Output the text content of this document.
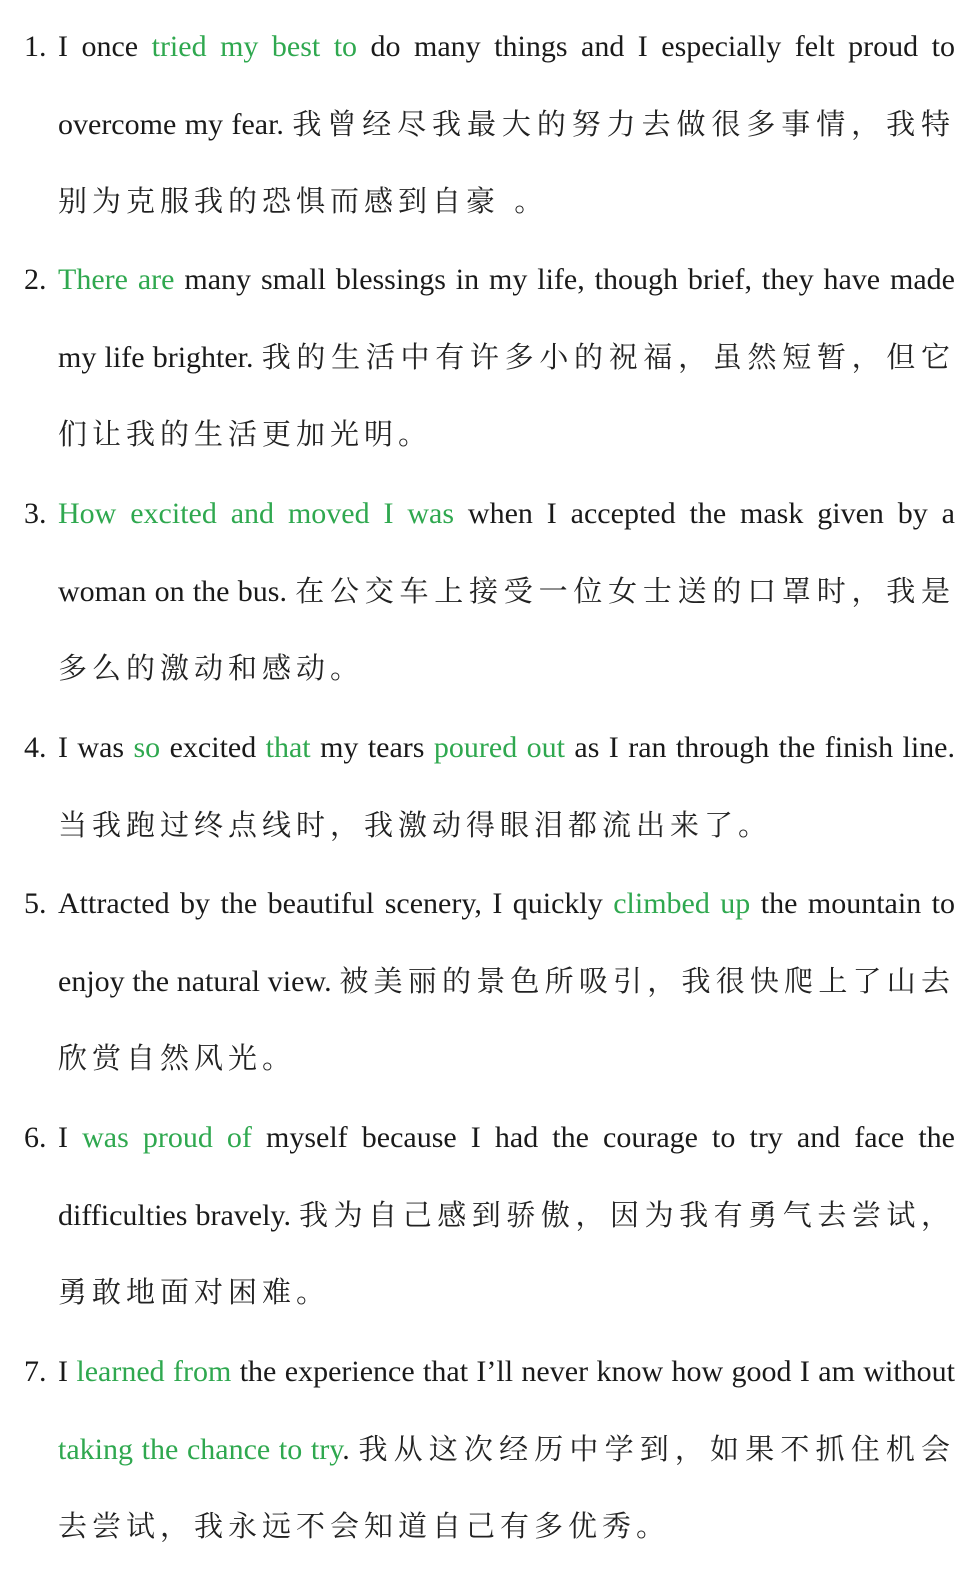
1. I once tried my best to do many things and I especially felt proud to overcome my fear. 我曾经尽我最大的努力去做很多事情，我特别为克服我的恐惧而感到自豪 。
2. There are many small blessings in my life, though brief, they have made my life brighter. 我的生活中有许多小的祝福，虽然短暂，但它们让我的生活更加光明。
3. How excited and moved I was when I accepted the mask given by a woman on the bus. 在公交车上接受一位女士送的口罩时，我是多么的激动和感动。
4. I was so excited that my tears poured out as I ran through the finish line. 当我跑过终点线时，我激动得眼泪都流出来了。
5. Attracted by the beautiful scenery, I quickly climbed up the mountain to enjoy the natural view. 被美丽的景色所吸引，我很快爬上了山去欣赏自然风光。
6. I was proud of myself because I had the courage to try and face the difficulties bravely. 我为自己感到骄傲，因为我有勇气去尝试，勇敢地面对困难。
7. I learned from the experience that I’ll never know how good I am without taking the chance to try. 我从这次经历中学到，如果不抓住机会去尝试，我永远不会知道自己有多优秀。
